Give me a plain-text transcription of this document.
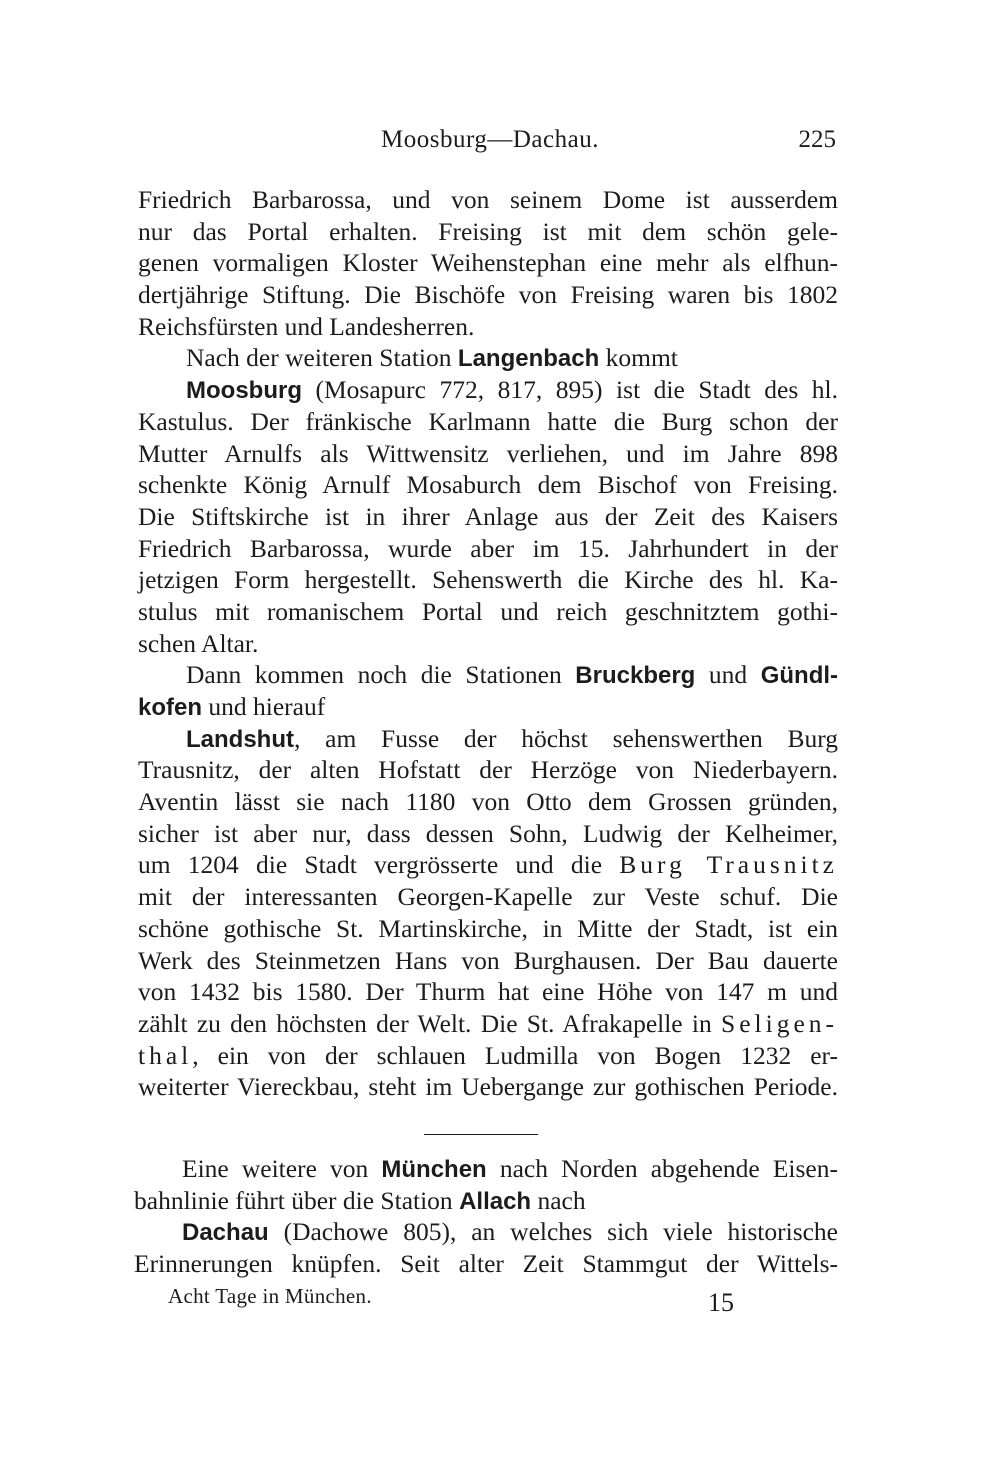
Moosburg—Dachau.	225
Friedrich Barbarossa, und von seinem Dome ist ausserdem
nur das Portal erhalten. Freising ist mit dem schön gele-
genen vormaligen Kloster Weihenstephan eine mehr als elfhun-
dertjährige Stiftung. Die Bischöfe von Freising waren bis 1802
Reichsfürsten und Landesherren.
Nach der weiteren Station Langenbach kommt
Moosburg (Mosapurc 772, 817, 895) ist die Stadt des hl.
Kastulus. Der fränkische Karlmann hatte die Burg schon der
Mutter Arnulfs als Wittwensitz verliehen, und im Jahre 898
schenkte König Arnulf Mosaburch dem Bischof von Freising.
Die Stiftskirche ist in ihrer Anlage aus der Zeit des Kaisers
Friedrich Barbarossa, wurde aber im 15. Jahrhundert in der
jetzigen Form hergestellt. Sehenswerth die Kirche des hl. Ka-
stulus mit romanischem Portal und reich geschnitztem gothi-
schen Altar.
Dann kommen noch die Stationen Bruckberg und Gündl-
kofen und hierauf
Landshut, am Fusse der höchst sehenswerthen Burg
Trausnitz, der alten Hofstatt der Herzöge von Niederbayern.
Aventin lässt sie nach 1180 von Otto dem Grossen gründen,
sicher ist aber nur, dass dessen Sohn, Ludwig der Kelheimer,
um 1204 die Stadt vergrösserte und die Burg Trausnitz
mit der interessanten Georgen-Kapelle zur Veste schuf. Die
schöne gothische St. Martinskirche, in Mitte der Stadt, ist ein
Werk des Steinmetzen Hans von Burghausen. Der Bau dauerte
von 1432 bis 1580. Der Thurm hat eine Höhe von 147 m und
zählt zu den höchsten der Welt. Die St. Afrakapelle in Seligen-
thal, ein von der schlauen Ludmilla von Bogen 1232 er-
weiterter Viereckbau, steht im Uebergange zur gothischen Periode.
Eine weitere von München nach Norden abgehende Eisen-
bahnlinie führt über die Station Allach nach
Dachau (Dachowe 805), an welches sich viele historische
Erinnerungen knüpfen. Seit alter Zeit Stammgut der Wittels-
Acht Tage in München.	15
